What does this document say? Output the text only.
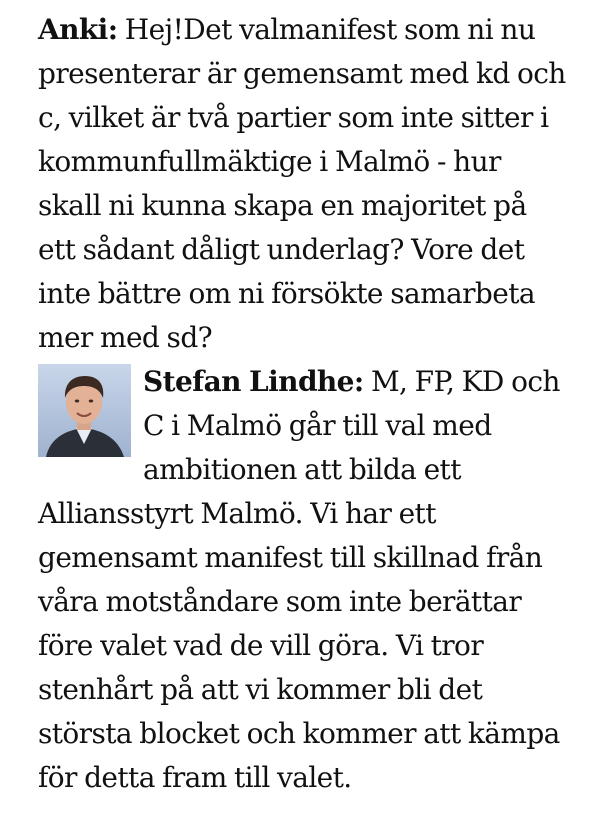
Anki: Hej!Det valmanifest som ni nu presenterar är gemensamt med kd och c, vilket är två partier som inte sitter i kommunfullmäktige i Malmö - hur skall ni kunna skapa en majoritet på ett sådant dåligt underlag? Vore det inte bättre om ni försökte samarbeta mer med sd?

Stefan Lindhe: M, FP, KD och C i Malmö går till val med ambitionen att bilda ett Alliansstyrt Malmö. Vi har ett gemensamt manifest till skillnad från våra motståndare som inte berättar före valet vad de vill göra. Vi tror stenhårt på att vi kommer bli det största blocket och kommer att kämpa för detta fram till valet.
